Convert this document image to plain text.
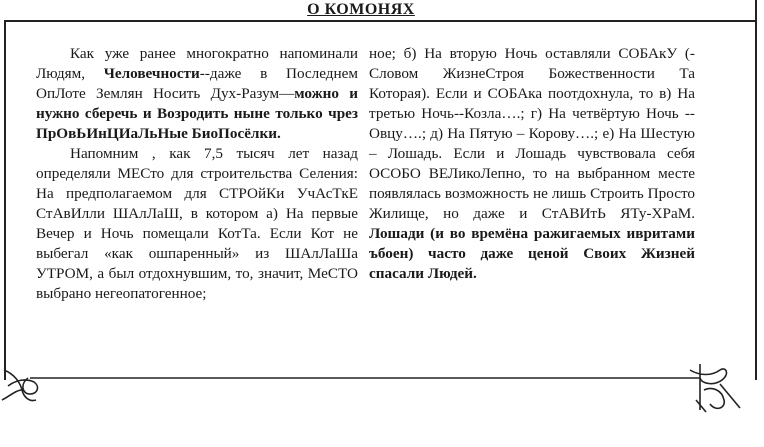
О КОМОНЯХ

Как уже ранее многократно напоминали Людям, Человечности--даже в Последнем ОпЛоте Землян Носить Дух-Разум—можно и нужно сберечь и Возродить ныне только чрез ПрОвЬИнЦИаЛьНые БиоПосёлки.

Напомним , как 7,5 тысяч лет назад определяли МЕСто для строительства Селения: На предполагаемом для СТРОйКи УчАсТкЕ СтАвИлли ШАлЛаШ, в котором а) На первые Вечер и Ночь помещали КотТа. Если Кот не выбегал «как ошпаренный» из ШАлЛаШа УТРОМ, а был отдохнувшим, то, значит, МеСТО выбрано негеопатогенное;

ное; б) На вторую Ночь оставляли СОБАкУ (-Словом ЖизнеСтроя Божественности Та Которая). Если и СОБАка поотдохнула, то в) На третью Ночь--Козла….; г) На четвёртую Ночь --Овцу….; д) На Пятую – Корову….; е) На Шестую – Лошадь. Если и Лошадь чувствовала себя ОСОБО ВЕЛикоЛепно, то на выбранном месте появлялась возможность не лишь Строить Просто Жилище, но даже и СтАВИтЬ ЯТу-ХРаМ. Лошади (и во времёна ражигаемых ивритами ъбоен) часто даже ценой Своих Жизней спасали Людей.
